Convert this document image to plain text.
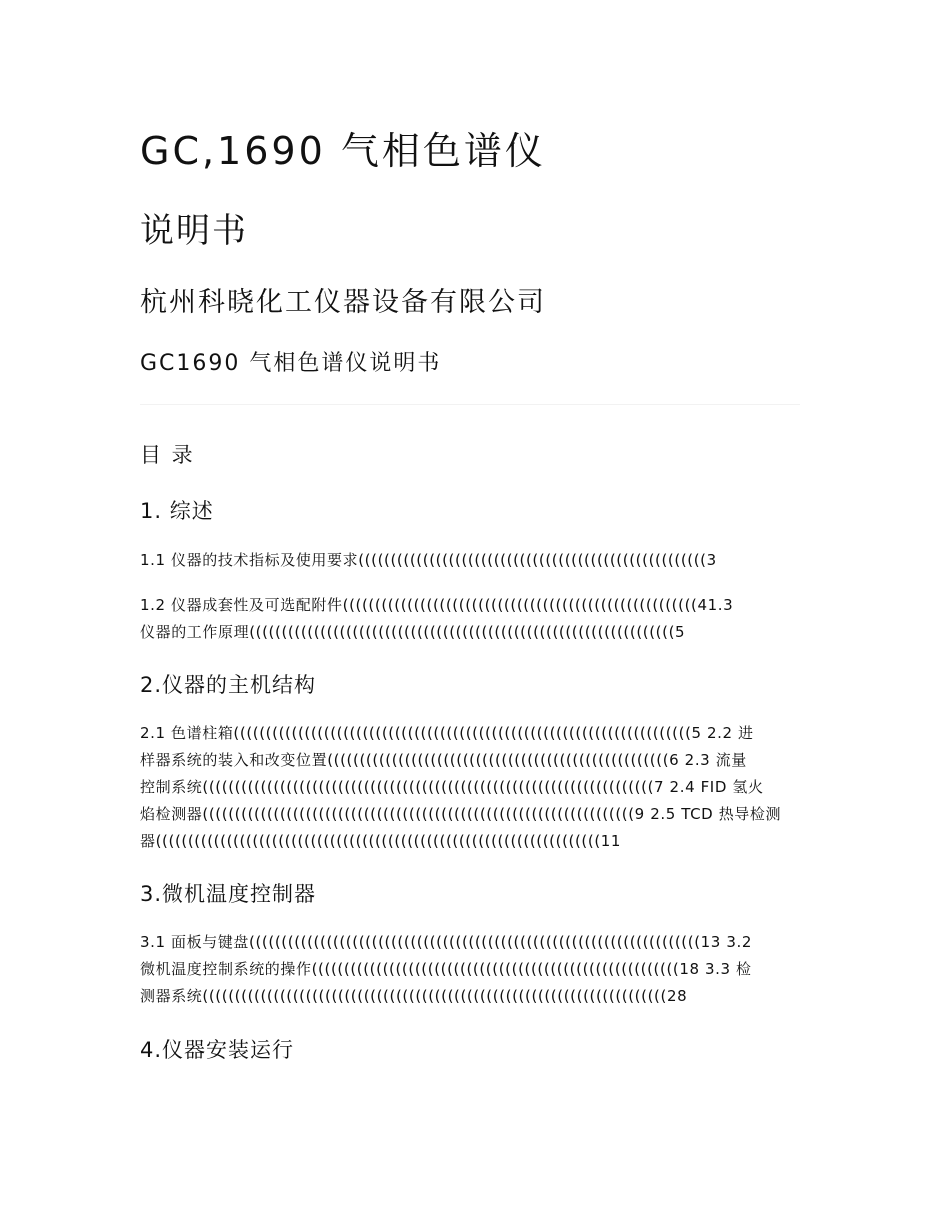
GC,1690 气相色谱仪
说明书
杭州科晓化工仪器设备有限公司
GC1690 气相色谱仪说明书
目 录
1. 综述
1.1 仪器的技术指标及使用要求((((((((((((((((((((((((((((((((((((((((((((((((((((((3
1.2 仪器成套性及可选配附件(((((((((((((((((((((((((((((((((((((((((((((((((((((((41.3
仪器的工作原理((((((((((((((((((((((((((((((((((((((((((((((((((((((((((((((((((5
2.仪器的主机结构
2.1 色谱柱箱(((((((((((((((((((((((((((((((((((((((((((((((((((((((((((((((((((((((5 2.2 进
样器系统的装入和改变位置(((((((((((((((((((((((((((((((((((((((((((((((((((((6 2.3 流量
控制系统((((((((((((((((((((((((((((((((((((((((((((((((((((((((((((((((((((((7 2.4 FID 氢火
焰检测器(((((((((((((((((((((((((((((((((((((((((((((((((((((((((((((((((((9 2.5 TCD 热导检测
器(((((((((((((((((((((((((((((((((((((((((((((((((((((((((((((((((((((11
3.微机温度控制器
3.1 面板与键盘((((((((((((((((((((((((((((((((((((((((((((((((((((((((((((((((((((((13 3.2
微机温度控制系统的操作(((((((((((((((((((((((((((((((((((((((((((((((((((((((((18 3.3 检
测器系统((((((((((((((((((((((((((((((((((((((((((((((((((((((((((((((((((((((((28
4.仪器安装运行
